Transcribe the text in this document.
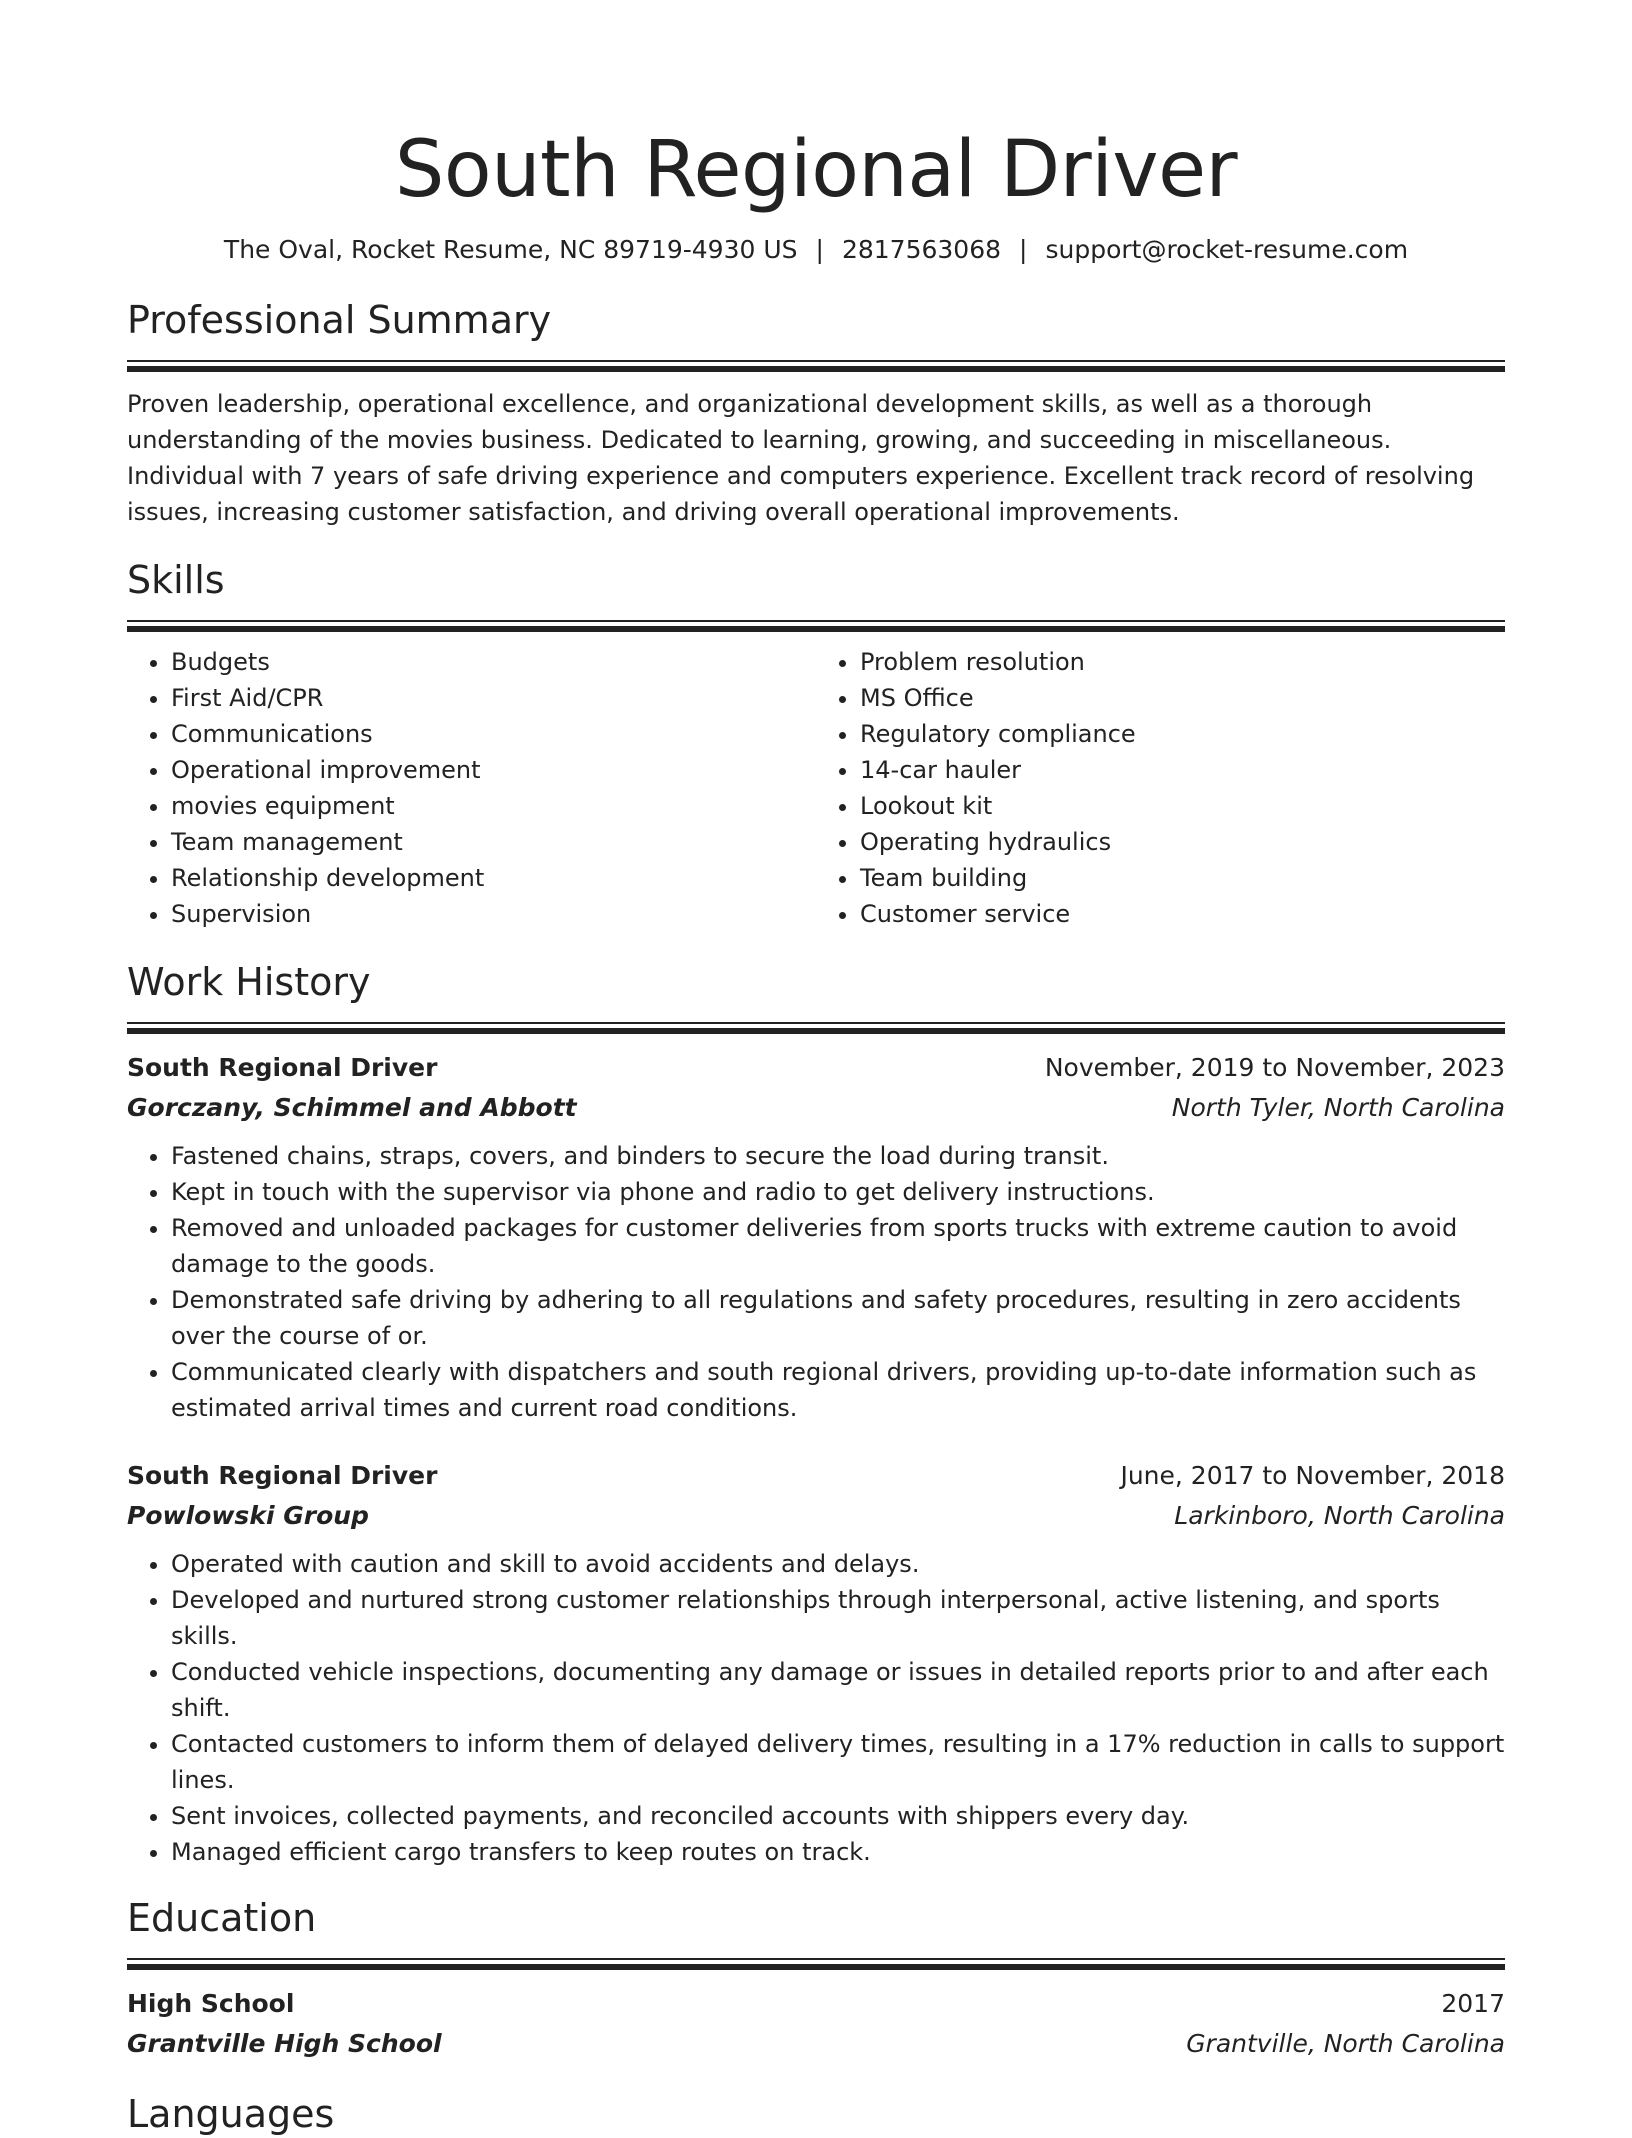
South Regional Driver
The Oval, Rocket Resume, NC 89719-4930 US | 2817563068 | support@rocket-resume.com
Professional Summary

Proven leadership, operational excellence, and organizational development skills, as well as a thorough understanding of the movies business. Dedicated to learning, growing, and succeeding in miscellaneous. Individual with 7 years of safe driving experience and computers experience. Excellent track record of resolving issues, increasing customer satisfaction, and driving overall operational improvements.

Skills
• Budgets
• First Aid/CPR
• Communications
• Operational improvement
• movies equipment
• Team management
• Relationship development
• Supervision
• Problem resolution
• MS Office
• Regulatory compliance
• 14-car hauler
• Lookout kit
• Operating hydraulics
• Team building
• Customer service
Work History
South Regional Driver	November, 2019 to November, 2023
Gorczany, Schimmel and Abbott	North Tyler, North Carolina
• Fastened chains, straps, covers, and binders to secure the load during transit.
• Kept in touch with the supervisor via phone and radio to get delivery instructions.
• Removed and unloaded packages for customer deliveries from sports trucks with extreme caution to avoid damage to the goods.
• Demonstrated safe driving by adhering to all regulations and safety procedures, resulting in zero accidents over the course of or.
• Communicated clearly with dispatchers and south regional drivers, providing up-to-date information such as estimated arrival times and current road conditions.
South Regional Driver	June, 2017 to November, 2018
Powlowski Group	Larkinboro, North Carolina
• Operated with caution and skill to avoid accidents and delays.
• Developed and nurtured strong customer relationships through interpersonal, active listening, and sports skills.
• Conducted vehicle inspections, documenting any damage or issues in detailed reports prior to and after each shift.
• Contacted customers to inform them of delayed delivery times, resulting in a 17% reduction in calls to support lines.
• Sent invoices, collected payments, and reconciled accounts with shippers every day.
• Managed efficient cargo transfers to keep routes on track.
Education
High School	2017
Grantville High School	Grantville, North Carolina
Languages
